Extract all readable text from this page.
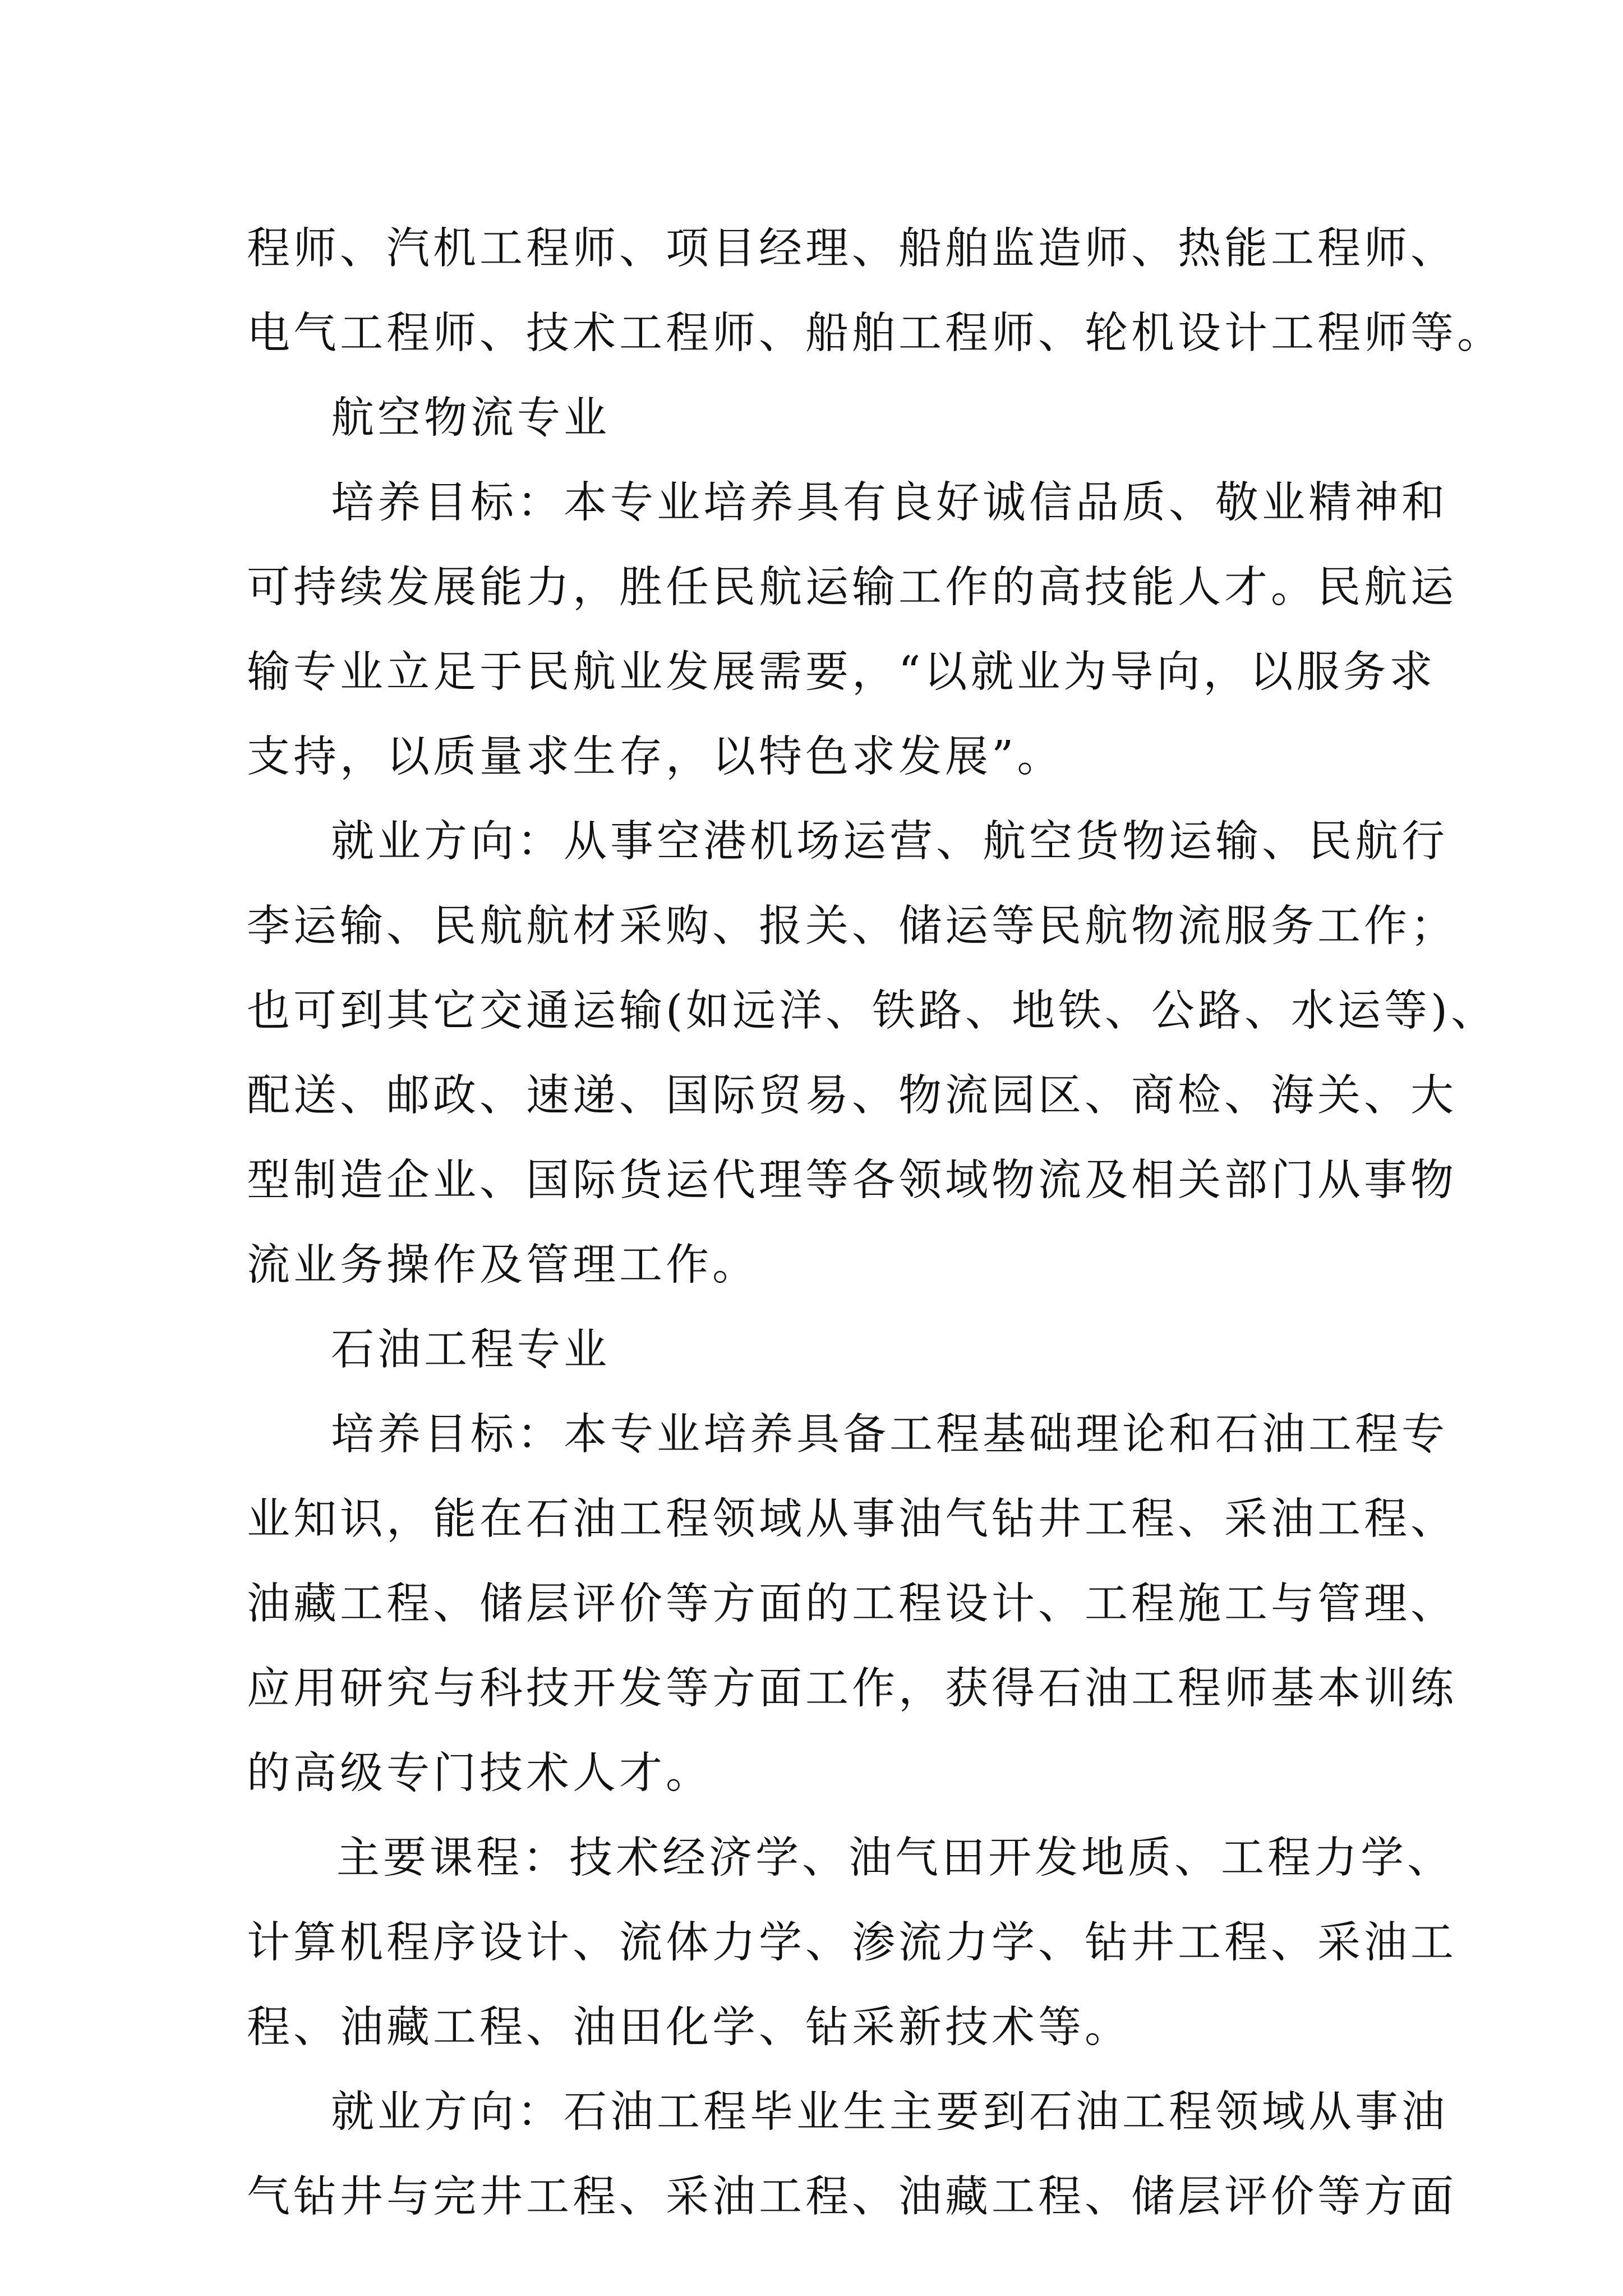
程师、汽机工程师、项目经理、船舶监造师、热能工程师、
电气工程师、技术工程师、船舶工程师、轮机设计工程师等。
航空物流专业
培养目标：本专业培养具有良好诚信品质、敬业精神和
可持续发展能力，胜任民航运输工作的高技能人才。民航运
输专业立足于民航业发展需要，“以就业为导向，以服务求
支持，以质量求生存，以特色求发展”。
就业方向：从事空港机场运营、航空货物运输、民航行
李运输、民航航材采购、报关、储运等民航物流服务工作；
也可到其它交通运输(如远洋、铁路、地铁、公路、水运等)、
配送、邮政、速递、国际贸易、物流园区、商检、海关、大
型制造企业、国际货运代理等各领域物流及相关部门从事物
流业务操作及管理工作。
石油工程专业
培养目标：本专业培养具备工程基础理论和石油工程专
业知识，能在石油工程领域从事油气钻井工程、采油工程、
油藏工程、储层评价等方面的工程设计、工程施工与管理、
应用研究与科技开发等方面工作，获得石油工程师基本训练
的高级专门技术人才。
主要课程：技术经济学、油气田开发地质、工程力学、
计算机程序设计、流体力学、渗流力学、钻井工程、采油工
程、油藏工程、油田化学、钻采新技术等。
就业方向：石油工程毕业生主要到石油工程领域从事油
气钻井与完井工程、采油工程、油藏工程、储层评价等方面
